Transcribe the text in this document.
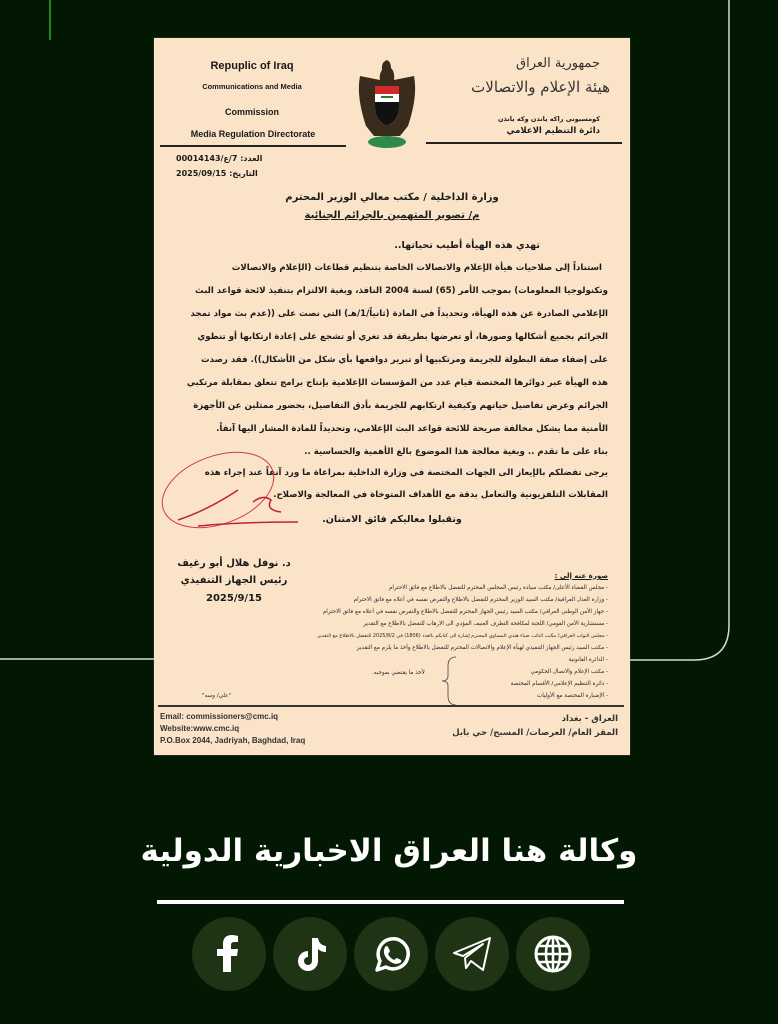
Repuplic of Iraq
Communications and Media
Commission
Media Regulation Directorate
جمهورية العراق
هيئة الإعلام والاتصالات
كومسيونى راكه ياندن وكه يانذن
دائرة التنظيم الاعلامي
العدد: 7/ع/00014143
التاريخ: 2025/09/15
وزارة الداخلية / مكتب معالي الوزير المحترم
م/ تصوير المتهمين بالجرائم الجنائية
تهدي هذه الهيأة أطيب تحياتها..
استناداً إلى صلاحيات هيأة الإعلام والاتصالات الخاصة بتنظيم قطاعات (الإعلام والاتصالات
وتكنولوجيا المعلومات) بموجب الأمر (65) لسنة 2004 النافذ، وبغية الالتزام بتنفيذ لائحة قواعد البث
الإعلامي الصادرة عن هذه الهيأة، وتحديداً في المادة (ثانياً/1/هـ) التي نصت على ((عدم بث مواد تمجد
الجرائم بجميع أشكالها وصورها، أو تعرضها بطريقة قد تغري أو تشجع على إعادة ارتكابها أو تنطوي
على إضفاء صفة البطولة للجريمة ومرتكبيها أو تبرير دوافعها بأي شكل من الأشكال)). فقد رصدت
هذه الهيأة عبر دوائرها المختصة قيام عدد من المؤسسات الإعلامية بإنتاج برامج تتعلق بمقابلة مرتكبي
الجرائم وعرض تفاصيل حياتهم وكيفية ارتكابهم للجريمة بأدق التفاصيل، بحضور ممثلين عن الأجهزة
الأمنية مما يشكل مخالفة صريحة للائحة قواعد البث الإعلامي، وتحديداً للمادة المشار اليها آنفاً.
بناء على ما تقدم .. وبغية معالجة هذا الموضوع بالغ الأهمية والحساسية ..
يرجى تفضلكم بالإيعاز الى الجهات المختصة في وزارة الداخلية بمراعاة ما ورد آنفاً عند إجراء هذه
المقابلات التلفزيونية والتعامل بدقة مع الأهداف المتوخاة في المعالجة والاصلاح.
وتقبلوا معاليكم فائق الامتنان.
د. نوفل هلال أبو رغيف
رئيس الجهاز التنفيذي
2025/9/15
صورة عنه إلى :
- مجلس القضاء الأعلى/ مكتب سيادة رئيس المجلس المحترم للتفضل بالاطلاع مع فائق الاحترام
- وزارة العدل العراقية/ مكتب السيد الوزير المحترم للتفضل بالاطلاع والتفرض نفسه في أعلاه مع فائق الاحترام
- جهاز الأمن الوطني العراقي/ مكتب السيد رئيس الجهاز المحترم للتفضل بالاطلاع والتفرض نفسه في أعلاه مع فائق الاحترام
- مستشارية الأمن القومي/ اللجنة لمكافحة التطرف العنيف المؤدي الى الارهاب للتفضل بالاطلاع مع التقدير
- مجلس النواب العراقي/ مكتب النائب ضياء هندي المساوي المحترم إشارة الى كتابكم بالعدد (1806) في 2025/8/2 للتفضل بالاطلاع مع التقدير
- مكتب السيد رئيس الجهاز التنفيذي لهيأة الإعلام والاتصالات المحترم للتفضل بالاطلاع وأخذ ما يلزم مع التقدير
- الدائرة القانونية
- مكتب الإعلام والاتصال الحكومي
- دائرة التنظيم الإعلامي/ الأقسام المختصة
- الإضبارة المختصة مع الأوليات
لأخذ ما يقتضي بموجبه.
"علي/ وسه"
Email: commissioners@cmc.iq
Website:www.cmc.iq
P.O.Box 2044, Jadriyah, Baghdad, Iraq
العراق - بغداد
المقر العام/ العرصات/ المسبح/ حي بابل
وكالة هنا العراق الاخبارية الدولية
